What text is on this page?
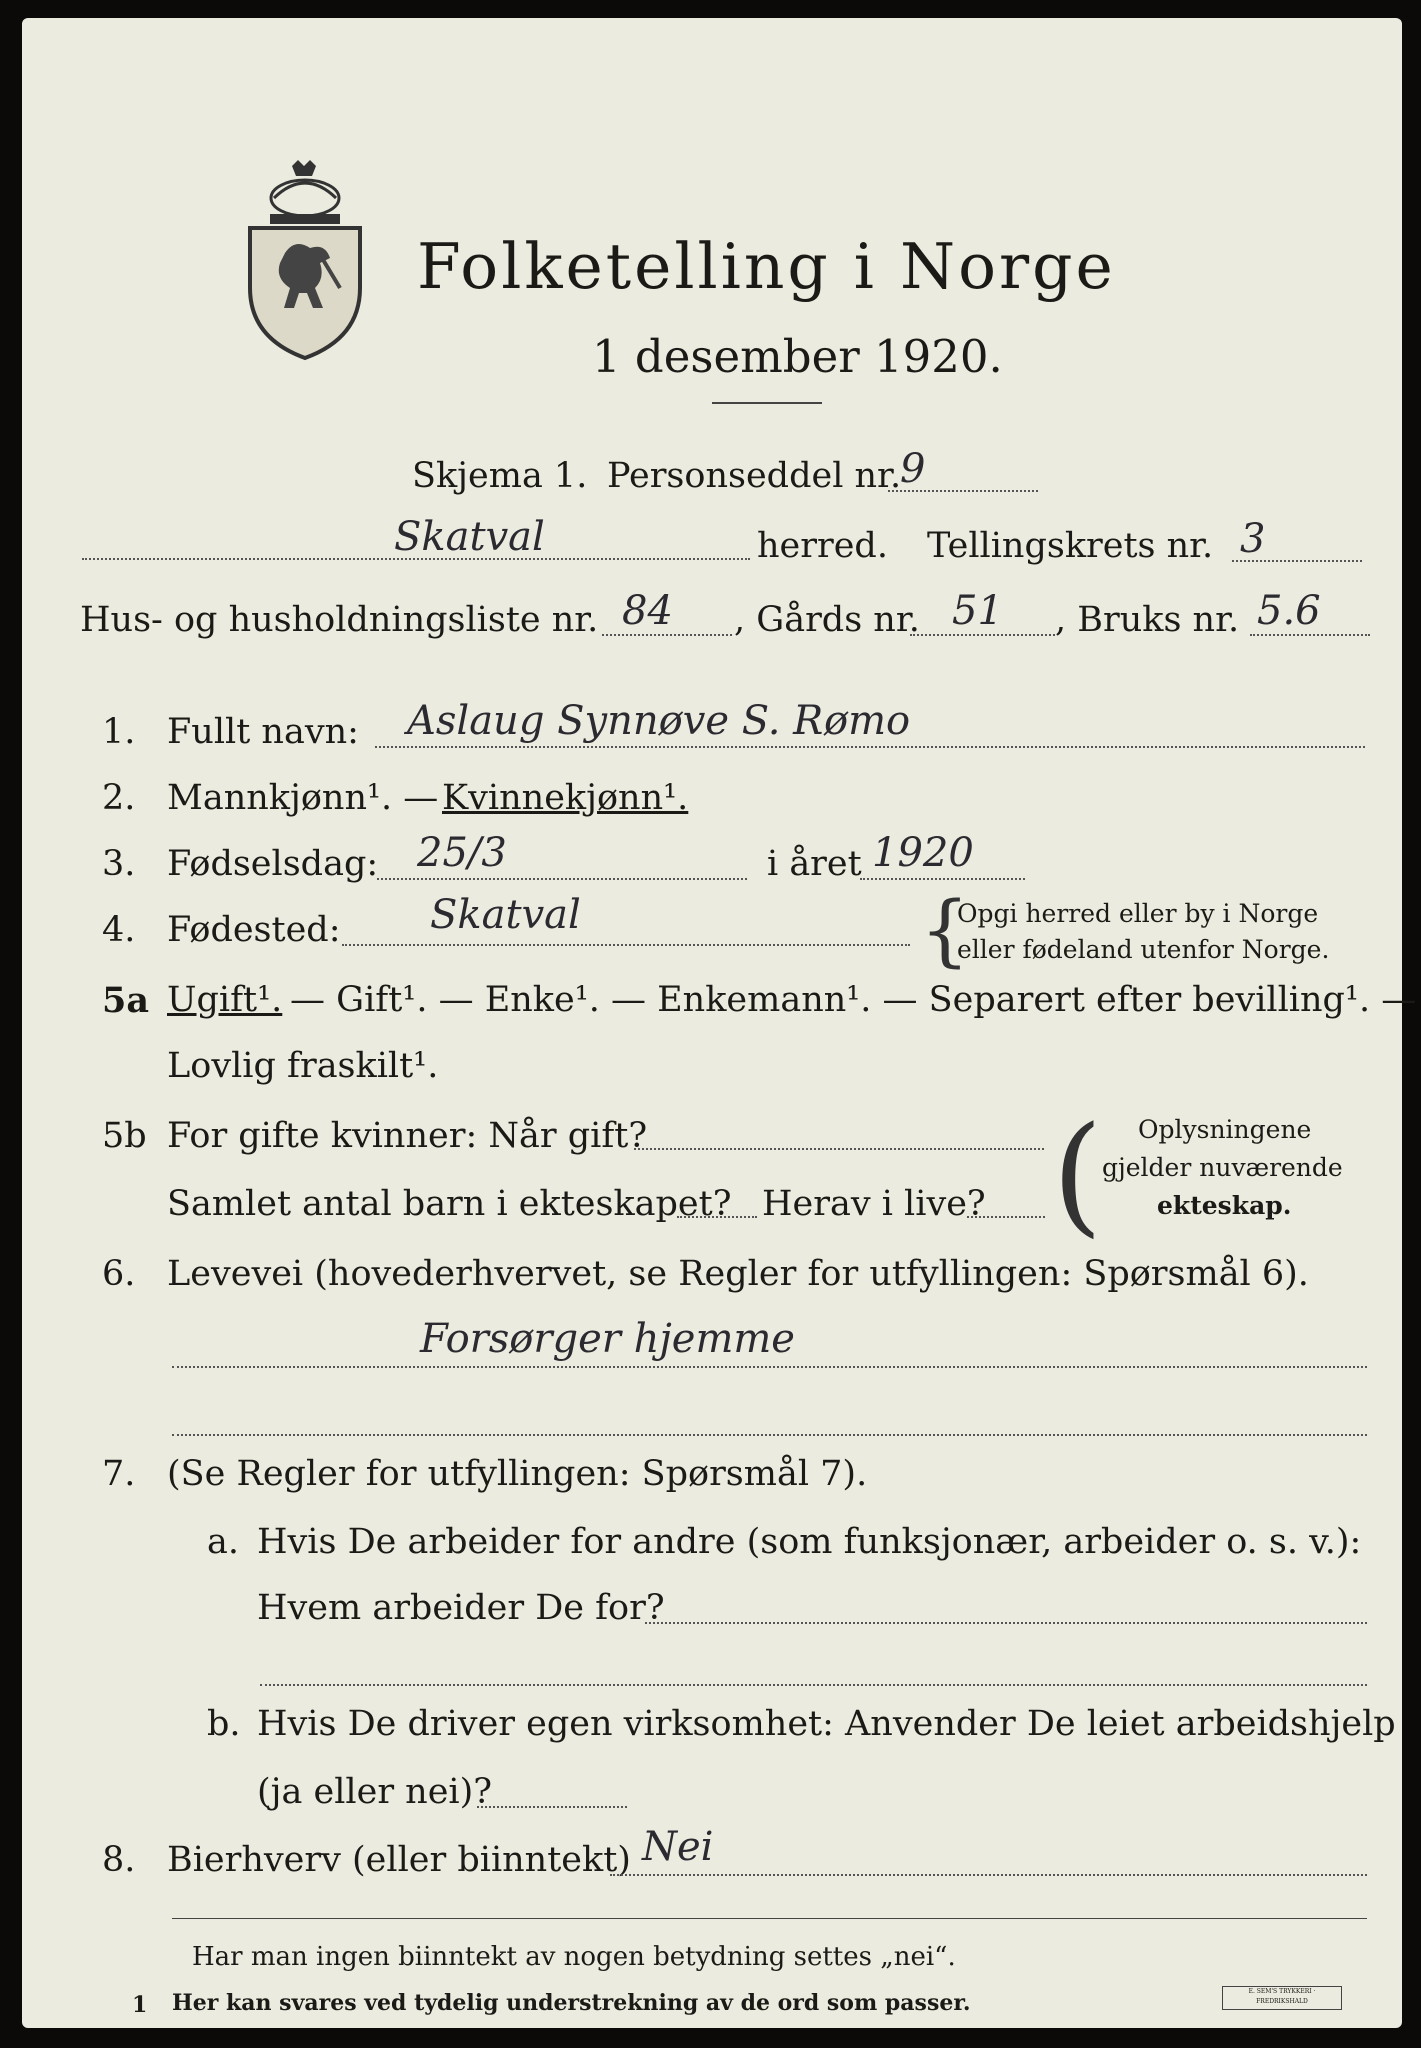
Folketelling i Norge
1 desember 1920.
Skjema 1. Personseddel nr.
9
Skatval	herred. Tellingskrets nr. 3
Hus- og husholdningsliste nr. 84 , Gårds nr. 51 , Bruks nr. 5.6
1. Fullt navn: Aslaug Synnøve S. Rømo
2. Mannkjønn¹. — Kvinnekjønn¹.
3. Fødselsdag: 25/3	i året 1920
4. Fødested: Skatval	{
Opgi herred eller by i Norge
eller fødeland utenfor Norge.
5a Ugift¹. — Gift¹. — Enke¹. — Enkemann¹. — Separert efter bevilling¹. —
Lovlig fraskilt¹.
5b For gifte kvinner: Når gift?
Samlet antal barn i ekteskapet? Herav i live? ( Oplysningene
gjelder nuværende
ekteskap.
6. Levevei (hovederhvervet, se Regler for utfyllingen: Spørsmål 6).
Forsørger hjemme
7. (Se Regler for utfyllingen: Spørsmål 7).
a. Hvis De arbeider for andre (som funksjonær, arbeider o. s. v.):
Hvem arbeider De for?
b. Hvis De driver egen virksomhet: Anvender De leiet arbeidshjelp
(ja eller nei)?
8. Bierhverv (eller biinntekt) Nei
Har man ingen biinntekt av nogen betydning settes „nei“.
1 Her kan svares ved tydelig understrekning av de ord som passer.	E. SEM'S TRYKKERI · FREDRIKSHALD
